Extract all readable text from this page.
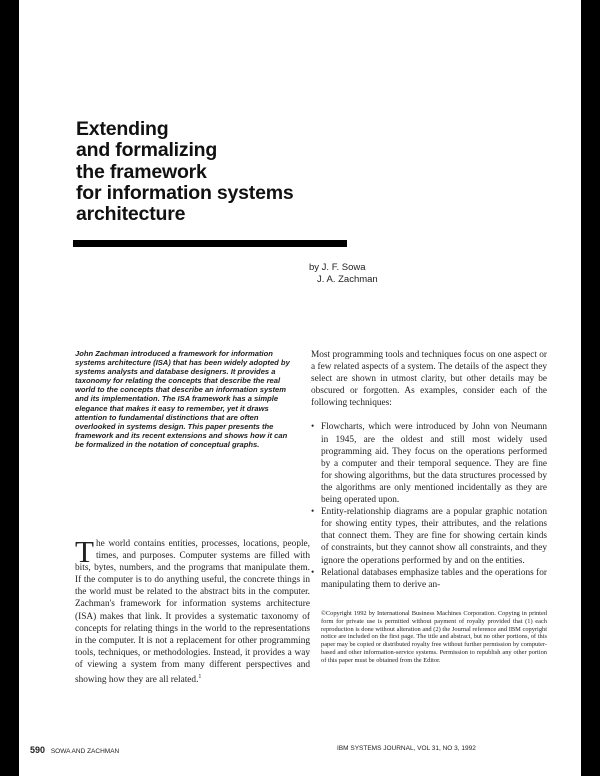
Extending
and formalizing
the framework
for information systems
architecture
by J. F. Sowa
J. A. Zachman

John Zachman introduced a framework for information systems architecture (ISA) that has been widely adopted by systems analysts and database designers. It provides a taxonomy for relating the concepts that describe the real world to the concepts that describe an information system and its implementation. The ISA framework has a simple elegance that makes it easy to remember, yet it draws attention to fundamental distinctions that are often overlooked in systems design. This paper presents the framework and its recent extensions and shows how it can be formalized in the notation of conceptual graphs.

The world contains entities, processes, locations, people, times, and purposes. Computer systems are filled with bits, bytes, numbers, and the programs that manipulate them. If the computer is to do anything useful, the concrete things in the world must be related to the abstract bits in the computer. Zachman's framework for information systems architecture (ISA) makes that link. It provides a systematic taxonomy of concepts for relating things in the world to the representations in the computer. It is not a replacement for other programming tools, techniques, or methodologies. Instead, it provides a way of viewing a system from many different perspectives and showing how they are all related.$^1$

Most programming tools and techniques focus on one aspect or a few related aspects of a system. The details of the aspect they select are shown in utmost clarity, but other details may be obscured or forgotten. As examples, consider each of the following techniques:

• Flowcharts, which were introduced by John von Neumann in 1945, are the oldest and still most widely used programming aid. They focus on the operations performed by a computer and their temporal sequence. They are fine for showing algorithms, but the data structures processed by the algorithms are only mentioned incidentally as they are being operated upon.
• Entity-relationship diagrams are a popular graphic notation for showing entity types, their attributes, and the relations that connect them. They are fine for showing certain kinds of constraints, but they cannot show all constraints, and they ignore the operations performed by and on the entities.
• Relational databases emphasize tables and the operations for manipulating them to derive an-

©Copyright 1992 by International Business Machines Corporation. Copying in printed form for private use is permitted without payment of royalty provided that (1) each reproduction is done without alteration and (2) the Journal reference and IBM copyright notice are included on the first page. The title and abstract, but no other portions, of this paper may be copied or distributed royalty free without further permission by computer-based and other information-service systems. Permission to republish any other portion of this paper must be obtained from the Editor.

590 SOWA AND ZACHMAN	IBM SYSTEMS JOURNAL, VOL 31, NO 3, 1992
